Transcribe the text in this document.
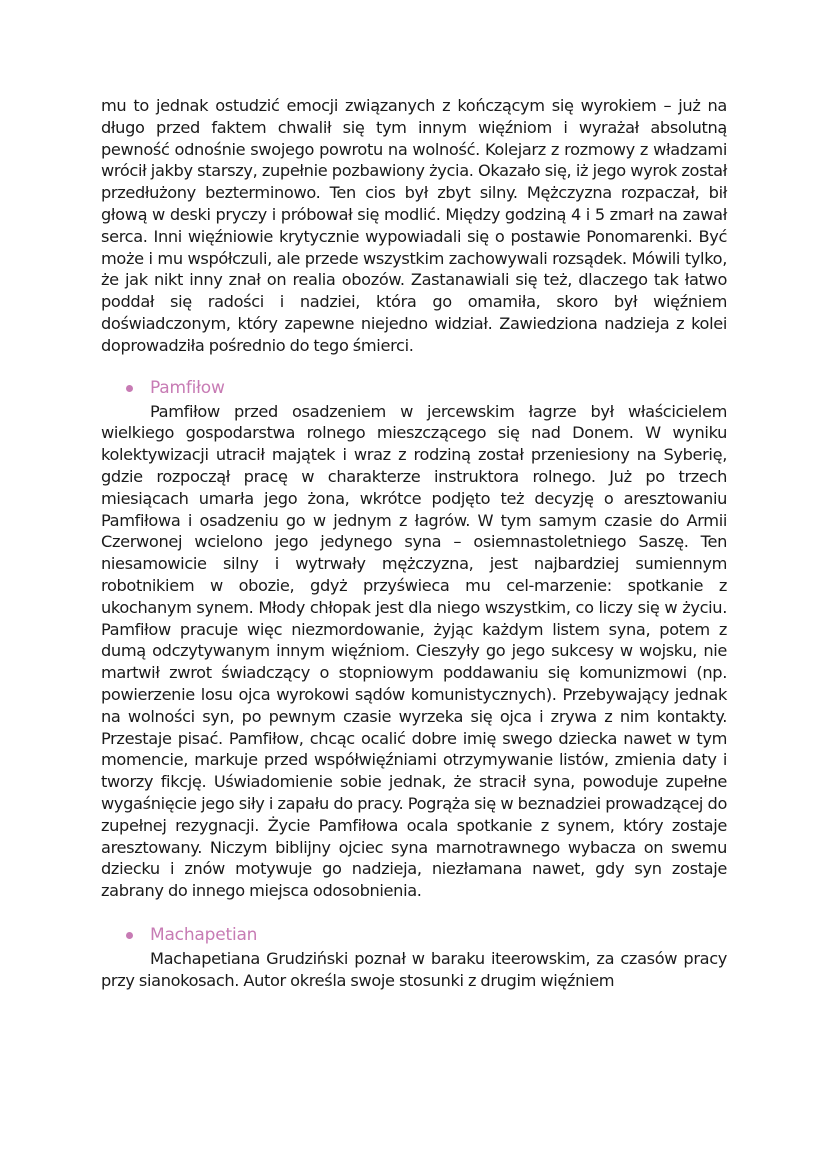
mu to jednak ostudzić emocji związanych z kończącym się wyrokiem – już na długo przed faktem chwalił się tym innym więźniom i wyrażał absolutną pewność odnośnie swojego powrotu na wolność. Kolejarz z rozmowy z władzami wrócił jakby starszy, zupełnie pozbawiony życia. Okazało się, iż jego wyrok został przedłużony bezterminowo. Ten cios był zbyt silny. Mężczyzna rozpaczał, bił głową w deski pryczy i próbował się modlić. Między godziną 4 i 5 zmarł na zawał serca. Inni więźniowie krytycznie wypowiadali się o postawie Ponomarenki. Być może i mu współczuli, ale przede wszystkim zachowywali rozsądek. Mówili tylko, że jak nikt inny znał on realia obozów. Zastanawiali się też, dlaczego tak łatwo poddał się radości i nadziei, która go omamiła, skoro był więźniem doświadczonym, który zapewne niejedno widział. Zawiedziona nadzieja z kolei doprowadziła pośrednio do tego śmierci.

Pamfiłow

Pamfiłow przed osadzeniem w jercewskim łagrze był właścicielem wielkiego gospodarstwa rolnego mieszczącego się nad Donem. W wyniku kolektywizacji utracił majątek i wraz z rodziną został przeniesiony na Syberię, gdzie rozpoczął pracę w charakterze instruktora rolnego. Już po trzech miesiącach umarła jego żona, wkrótce podjęto też decyzję o aresztowaniu Pamfiłowa i osadzeniu go w jednym z łagrów. W tym samym czasie do Armii Czerwonej wcielono jego jedynego syna – osiemnastoletniego Saszę. Ten niesamowicie silny i wytrwały mężczyzna, jest najbardziej sumiennym robotnikiem w obozie, gdyż przyświeca mu cel-marzenie: spotkanie z ukochanym synem. Młody chłopak jest dla niego wszystkim, co liczy się w życiu. Pamfiłow pracuje więc niezmordowanie, żyjąc każdym listem syna, potem z dumą odczytywanym innym więźniom. Cieszyły go jego sukcesy w wojsku, nie martwił zwrot świadczący o stopniowym poddawaniu się komunizmowi (np. powierzenie losu ojca wyrokowi sądów komunistycznych). Przebywający jednak na wolności syn, po pewnym czasie wyrzeka się ojca i zrywa z nim kontakty. Przestaje pisać. Pamfiłow, chcąc ocalić dobre imię swego dziecka nawet w tym momencie, markuje przed współwięźniami otrzymywanie listów, zmienia daty i tworzy fikcję. Uświadomienie sobie jednak, że stracił syna, powoduje zupełne wygaśnięcie jego siły i zapału do pracy. Pogrąża się w beznadziei prowadzącej do zupełnej rezygnacji. Życie Pamfiłowa ocala spotkanie z synem, który zostaje aresztowany. Niczym biblijny ojciec syna marnotrawnego wybacza on swemu dziecku i znów motywuje go nadzieja, niezłamana nawet, gdy syn zostaje zabrany do innego miejsca odosobnienia.

Machapetian

Machapetiana Grudziński poznał w baraku iteerowskim, za czasów pracy przy sianokosach. Autor określa swoje stosunki z drugim więźniem
